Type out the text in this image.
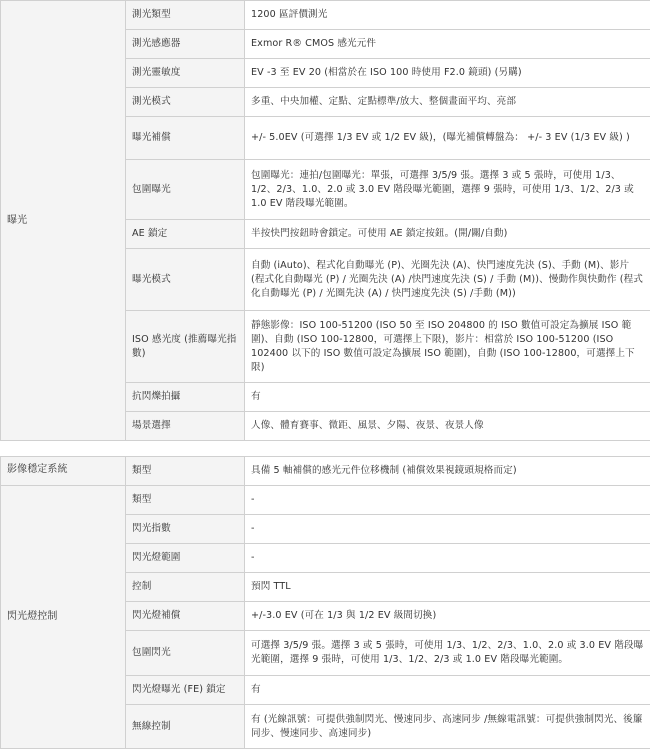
曝光	測光類型	1200 區評價測光
	測光感應器	Exmor R® CMOS 感光元件
	測光靈敏度	EV -3 至 EV 20 (相當於在 ISO 100 時使用 F2.0 鏡頭) (另購)
	測光模式	多重、中央加權、定點、定點標準/放大、整個畫面平均、亮部
	曝光補償	+/- 5.0EV (可選擇 1/3 EV 或 1/2 EV 級)，(曝光補償轉盤為： +/- 3 EV (1/3 EV 級) )
	包圍曝光	包圍曝光：連拍/包圍曝光：單張，可選擇 3/5/9 張。選擇 3 或 5 張時，可使用 1/3、1/2、2/3、1.0、2.0 或 3.0 EV 階段曝光範圍，選擇 9 張時，可使用 1/3、1/2、2/3 或 1.0 EV 階段曝光範圍。
	AE 鎖定	半按快門按鈕時會鎖定。可使用 AE 鎖定按鈕。(開/關/自動)
	曝光模式	自動 (iAuto)、程式化自動曝光 (P)、光圈先決 (A)、快門速度先決 (S)、手動 (M)、影片 (程式化自動曝光 (P) / 光圈先決 (A) /快門速度先決 (S) / 手動 (M))、慢動作與快動作 (程式化自動曝光 (P) / 光圈先決 (A) / 快門速度先決 (S) /手動 (M))
	ISO 感光度 (推薦曝光指數)	靜態影像：ISO 100-51200 (ISO 50 至 ISO 204800 的 ISO 數值可設定為擴展 ISO 範圍)、自動 (ISO 100-12800，可選擇上下限)，影片：相當於 ISO 100-51200 (ISO 102400 以下的 ISO 數值可設定為擴展 ISO 範圍)，自動 (ISO 100-12800，可選擇上下限)
	抗閃爍拍攝	有
	場景選擇	人像、體育賽事、微距、風景、夕陽、夜景、夜景人像

影像穩定系統	類型	具備 5 軸補償的感光元件位移機制 (補償效果視鏡頭規格而定)
閃光燈控制	類型	-
	閃光指數	-
	閃光燈範圍	-
	控制	預閃 TTL
	閃光燈補償	+/-3.0 EV (可在 1/3 與 1/2 EV 級間切換)
	包圍閃光	可選擇 3/5/9 張。選擇 3 或 5 張時，可使用 1/3、1/2、2/3、1.0、2.0 或 3.0 EV 階段曝光範圍，選擇 9 張時，可使用 1/3、1/2、2/3 或 1.0 EV 階段曝光範圍。
	閃光燈曝光 (FE) 鎖定	有
	無線控制	有 (光線訊號：可提供強制閃光、慢速同步、高速同步 /無線電訊號：可提供強制閃光、後簾同步、慢速同步、高速同步)
